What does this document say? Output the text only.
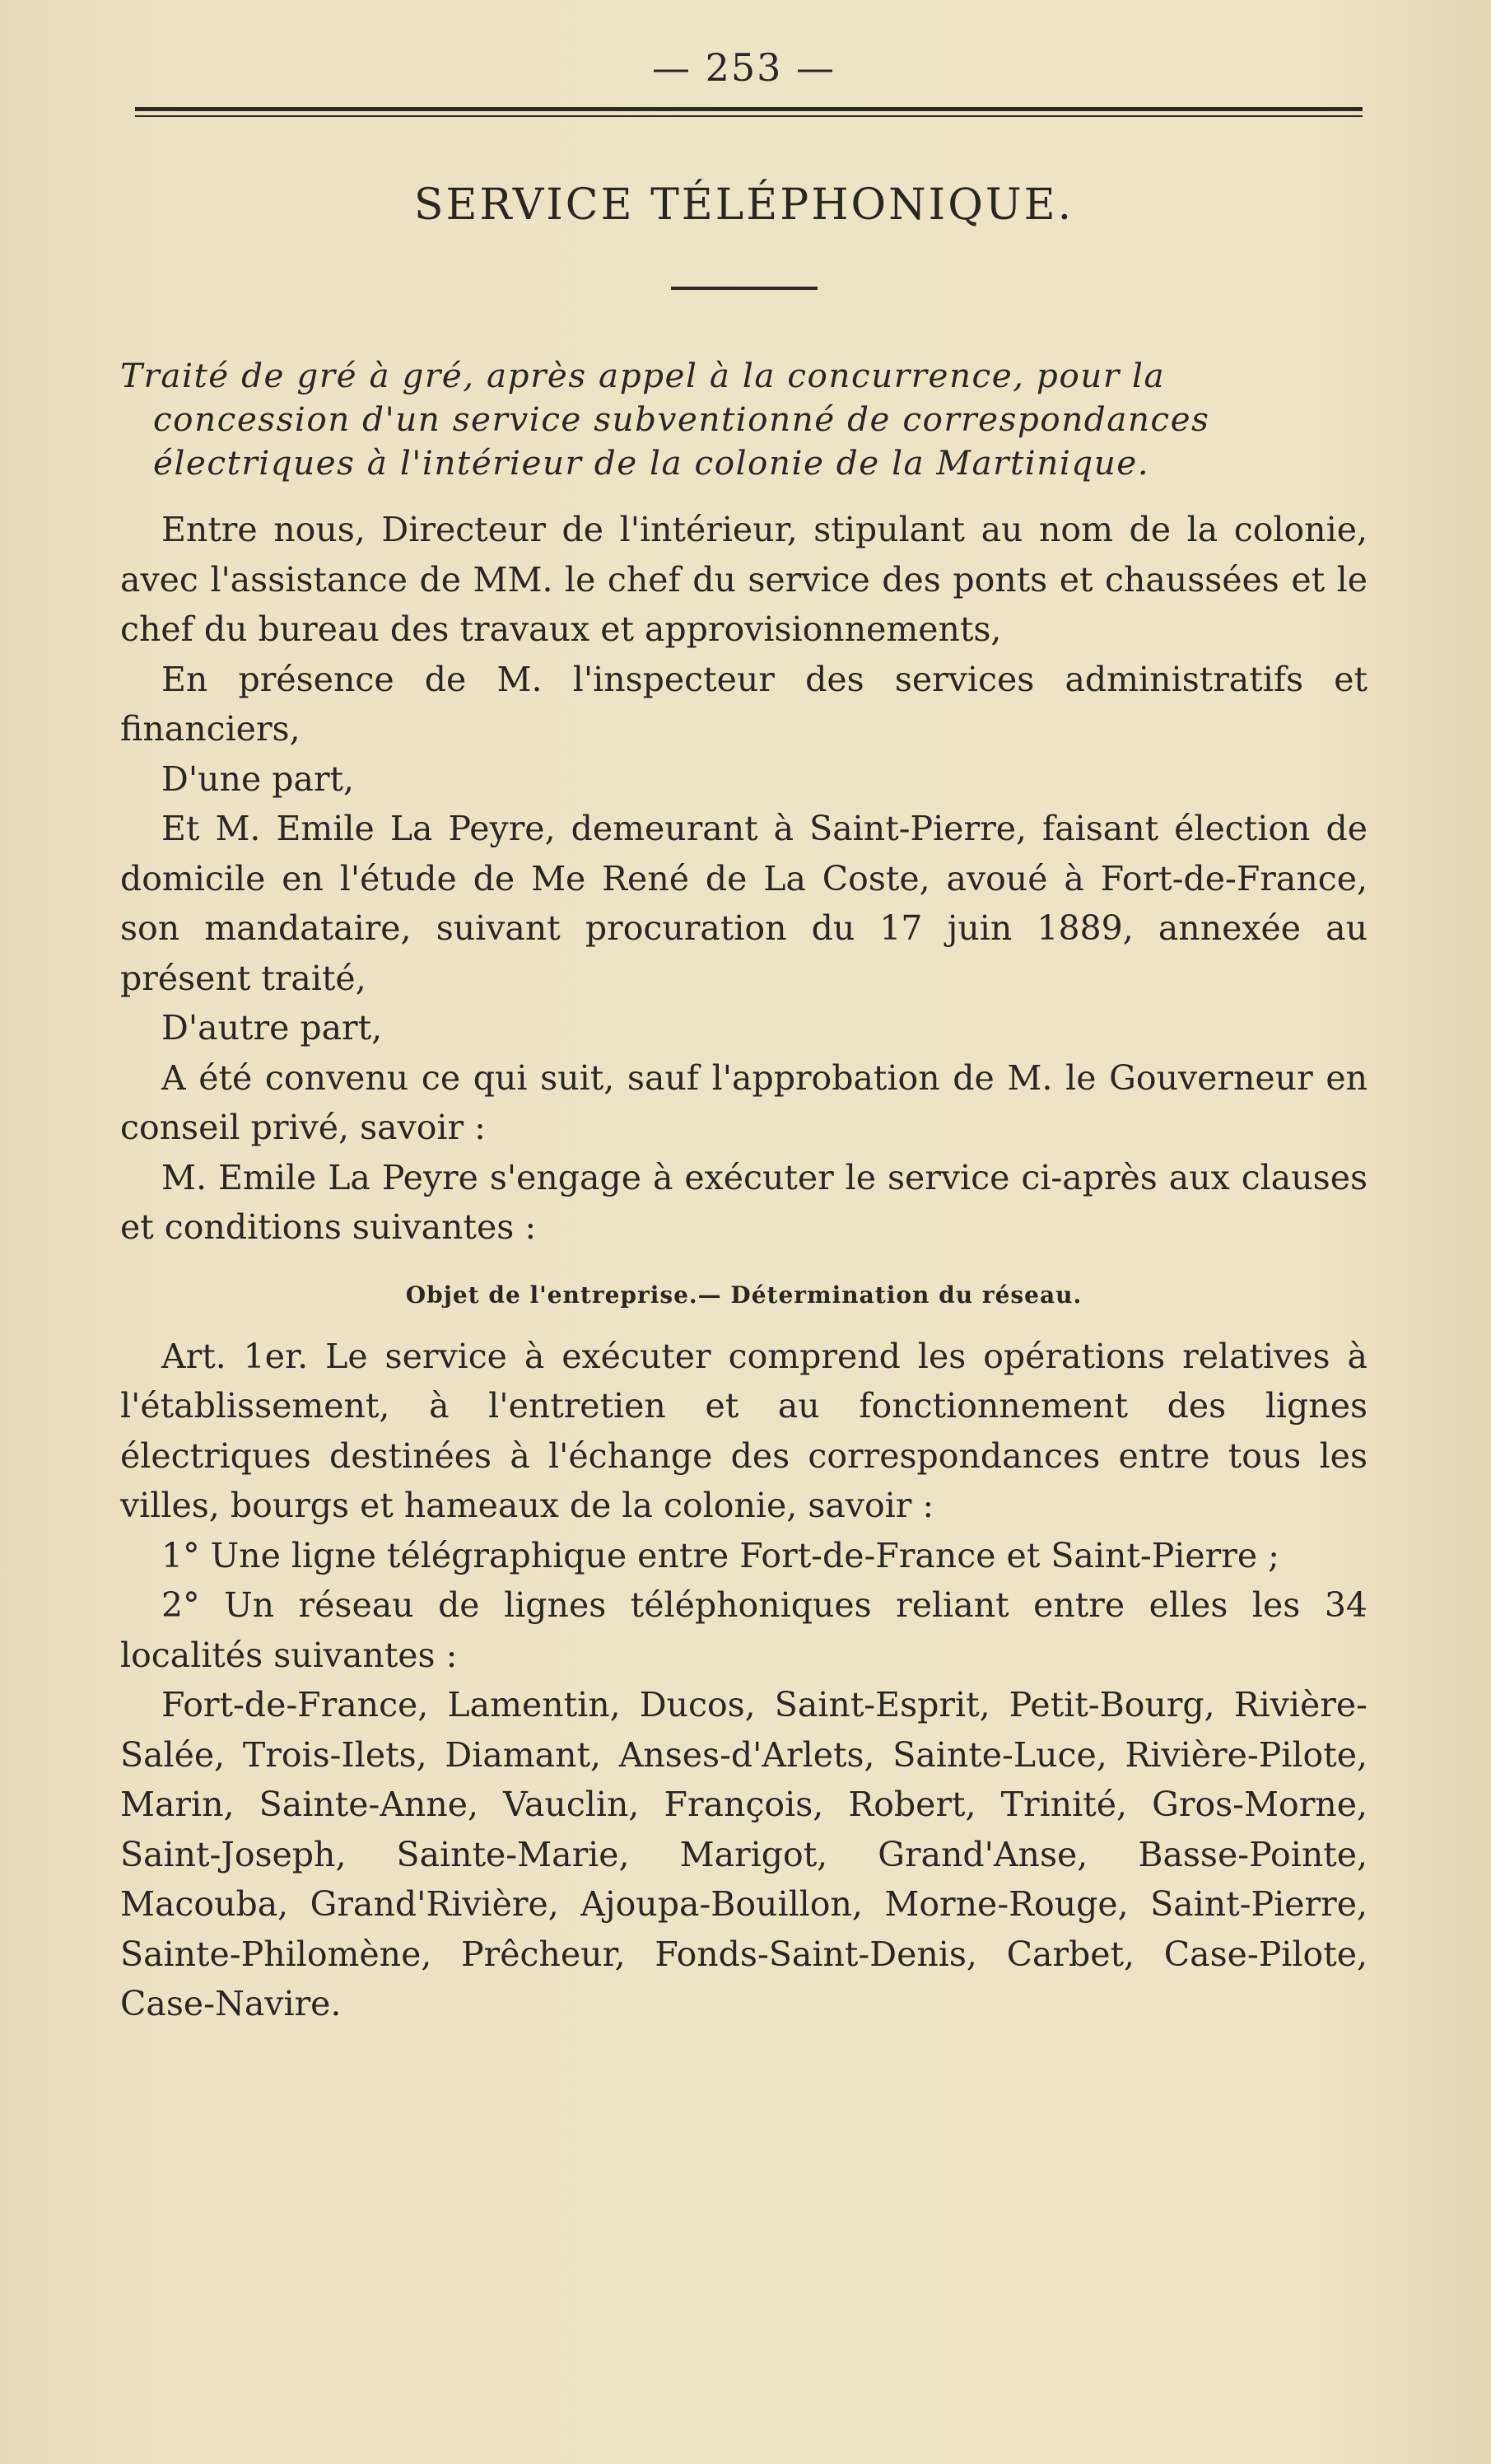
— 253 —
SERVICE TÉLÉPHONIQUE.
Traité de gré à gré, après appel à la concurrence, pour la
concession d'un service subventionné de correspondances
électriques à l'intérieur de la colonie de la Martinique.

Entre nous, Directeur de l'intérieur, stipulant au nom de la colonie, avec l'assistance de MM. le chef du service des ponts et chaussées et le chef du bureau des travaux et approvisionnements,

En présence de M. l'inspecteur des services administratifs et financiers,

D'une part,

Et M. Emile La Peyre, demeurant à Saint-Pierre, faisant élection de domicile en l'étude de Me René de La Coste, avoué à Fort-de-France, son mandataire, suivant procuration du 17 juin 1889, annexée au présent traité,

D'autre part,

A été convenu ce qui suit, sauf l'approbation de M. le Gouverneur en conseil privé, savoir :

M. Emile La Peyre s'engage à exécuter le service ci-après aux clauses et conditions suivantes :

Objet de l'entreprise.— Détermination du réseau.

Art. 1er. Le service à exécuter comprend les opérations relatives à l'établissement, à l'entretien et au fonctionnement des lignes électriques destinées à l'échange des correspondances entre tous les villes, bourgs et hameaux de la colonie, savoir :

1° Une ligne télégraphique entre Fort-de-France et Saint-Pierre ;

2° Un réseau de lignes téléphoniques reliant entre elles les 34 localités suivantes :

Fort-de-France, Lamentin, Ducos, Saint-Esprit, Petit-Bourg, Rivière-Salée, Trois-Ilets, Diamant, Anses-d'Arlets, Sainte-Luce, Rivière-Pilote, Marin, Sainte-Anne, Vauclin, François, Robert, Trinité, Gros-Morne, Saint-Joseph, Sainte-Marie, Marigot, Grand'Anse, Basse-Pointe, Macouba, Grand'Rivière, Ajoupa-Bouillon, Morne-Rouge, Saint-Pierre, Sainte-Philomène, Prêcheur, Fonds-Saint-Denis, Carbet, Case-Pilote, Case-Navire.
